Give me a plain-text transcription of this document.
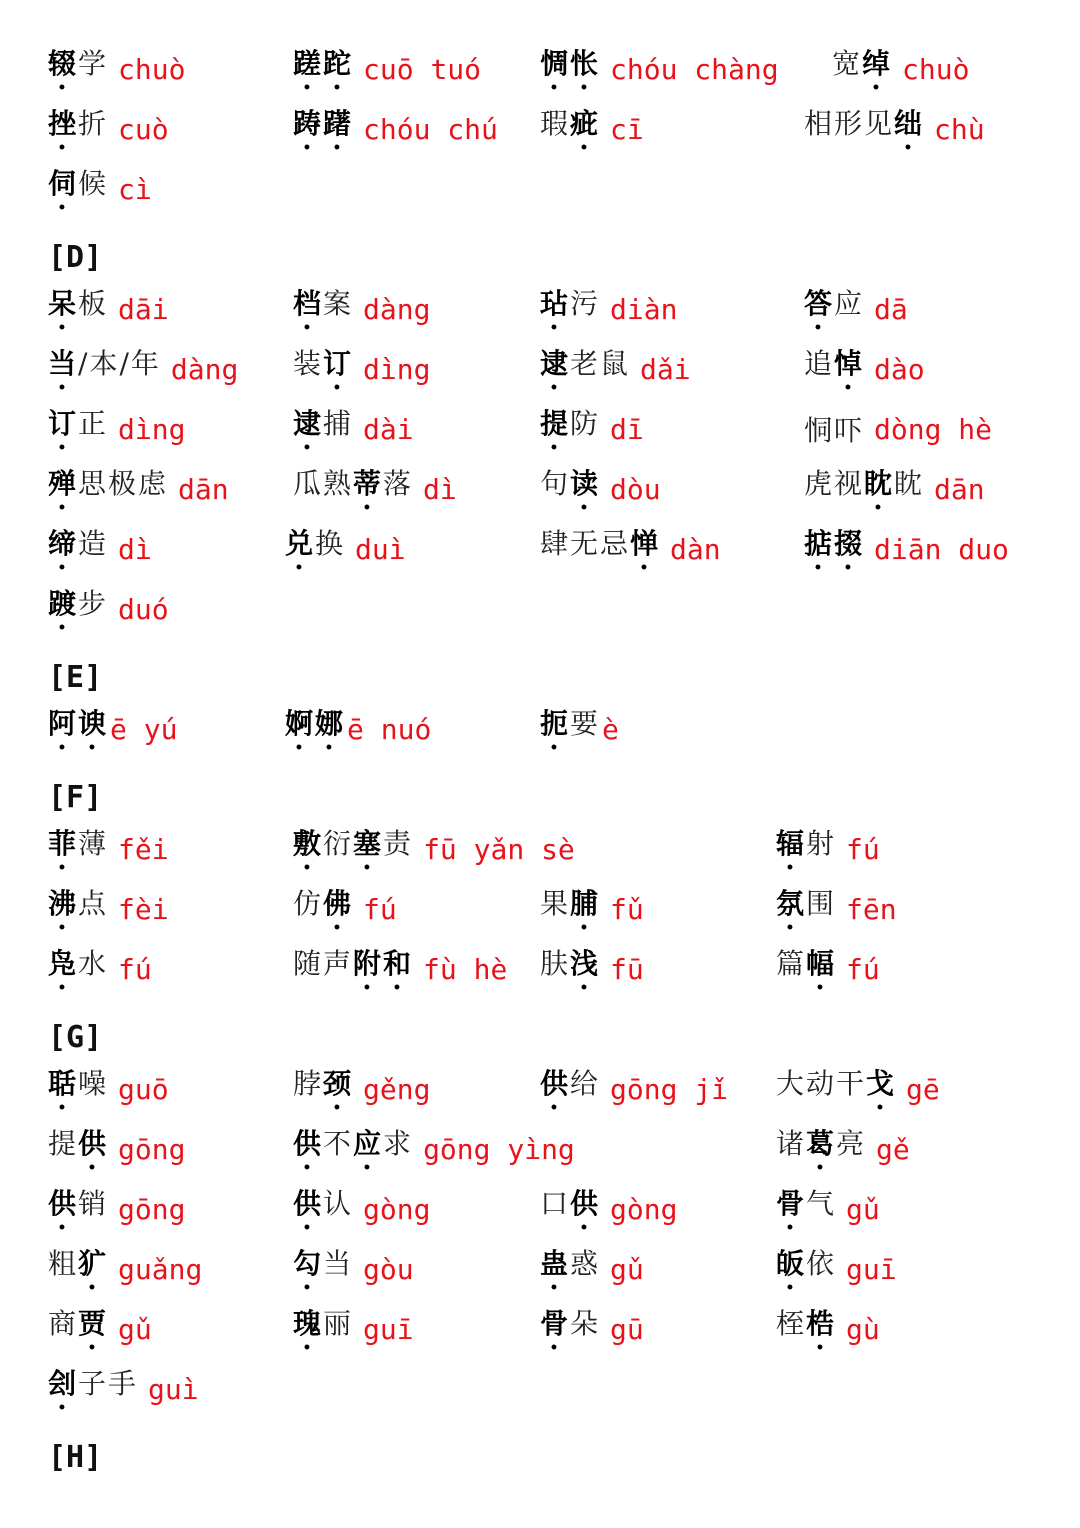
辍学 chuò	蹉跎 cuō tuó 惆怅 chóu chàng 宽绰 chuò
挫折 cuò	踌躇 chóu chú 瑕疵 cī	相形见绌 chù
伺候 cì
[D]
呆板 dāi	档案 dàng	玷污 diàn	答应 dā
当/本/年 dàng 装订 dìng	逮老鼠 dǎi	追悼 dào
订正 dìng	逮捕 dài	提防 dī	恫吓 dòng hè
殚思极虑 dān 瓜熟蒂落 dì	句读 dòu	虎视眈眈 dān
缔造 dì	兑换 duì	肆无忌惮 dàn	掂掇 diān duo
踱步 duó
[E]
阿谀 ē yú	婀娜 ē nuó	扼要 è
[F]
菲薄 fěi	敷衍塞责 fū yǎn sè	辐射 fú
沸点 fèi	仿佛 fú	果脯 fǔ	氛围 fēn
凫水 fú	随声附和 fù hè 肤浅 fū	篇幅 fú
[G]
聒噪 guō	脖颈 gěng	供给 gōng jǐ 大动干戈 gē
提供 gōng	供不应求 gōng yìng	诸葛亮 gě
供销 gōng	供认 gòng	口供 gòng	骨气 gǔ
粗犷 guǎng	勾当 gòu	蛊惑 gǔ	皈依 guī
商贾 gǔ	瑰丽 guī	骨朵 gū	桎梏 gù
刽子手 guì
[H]
